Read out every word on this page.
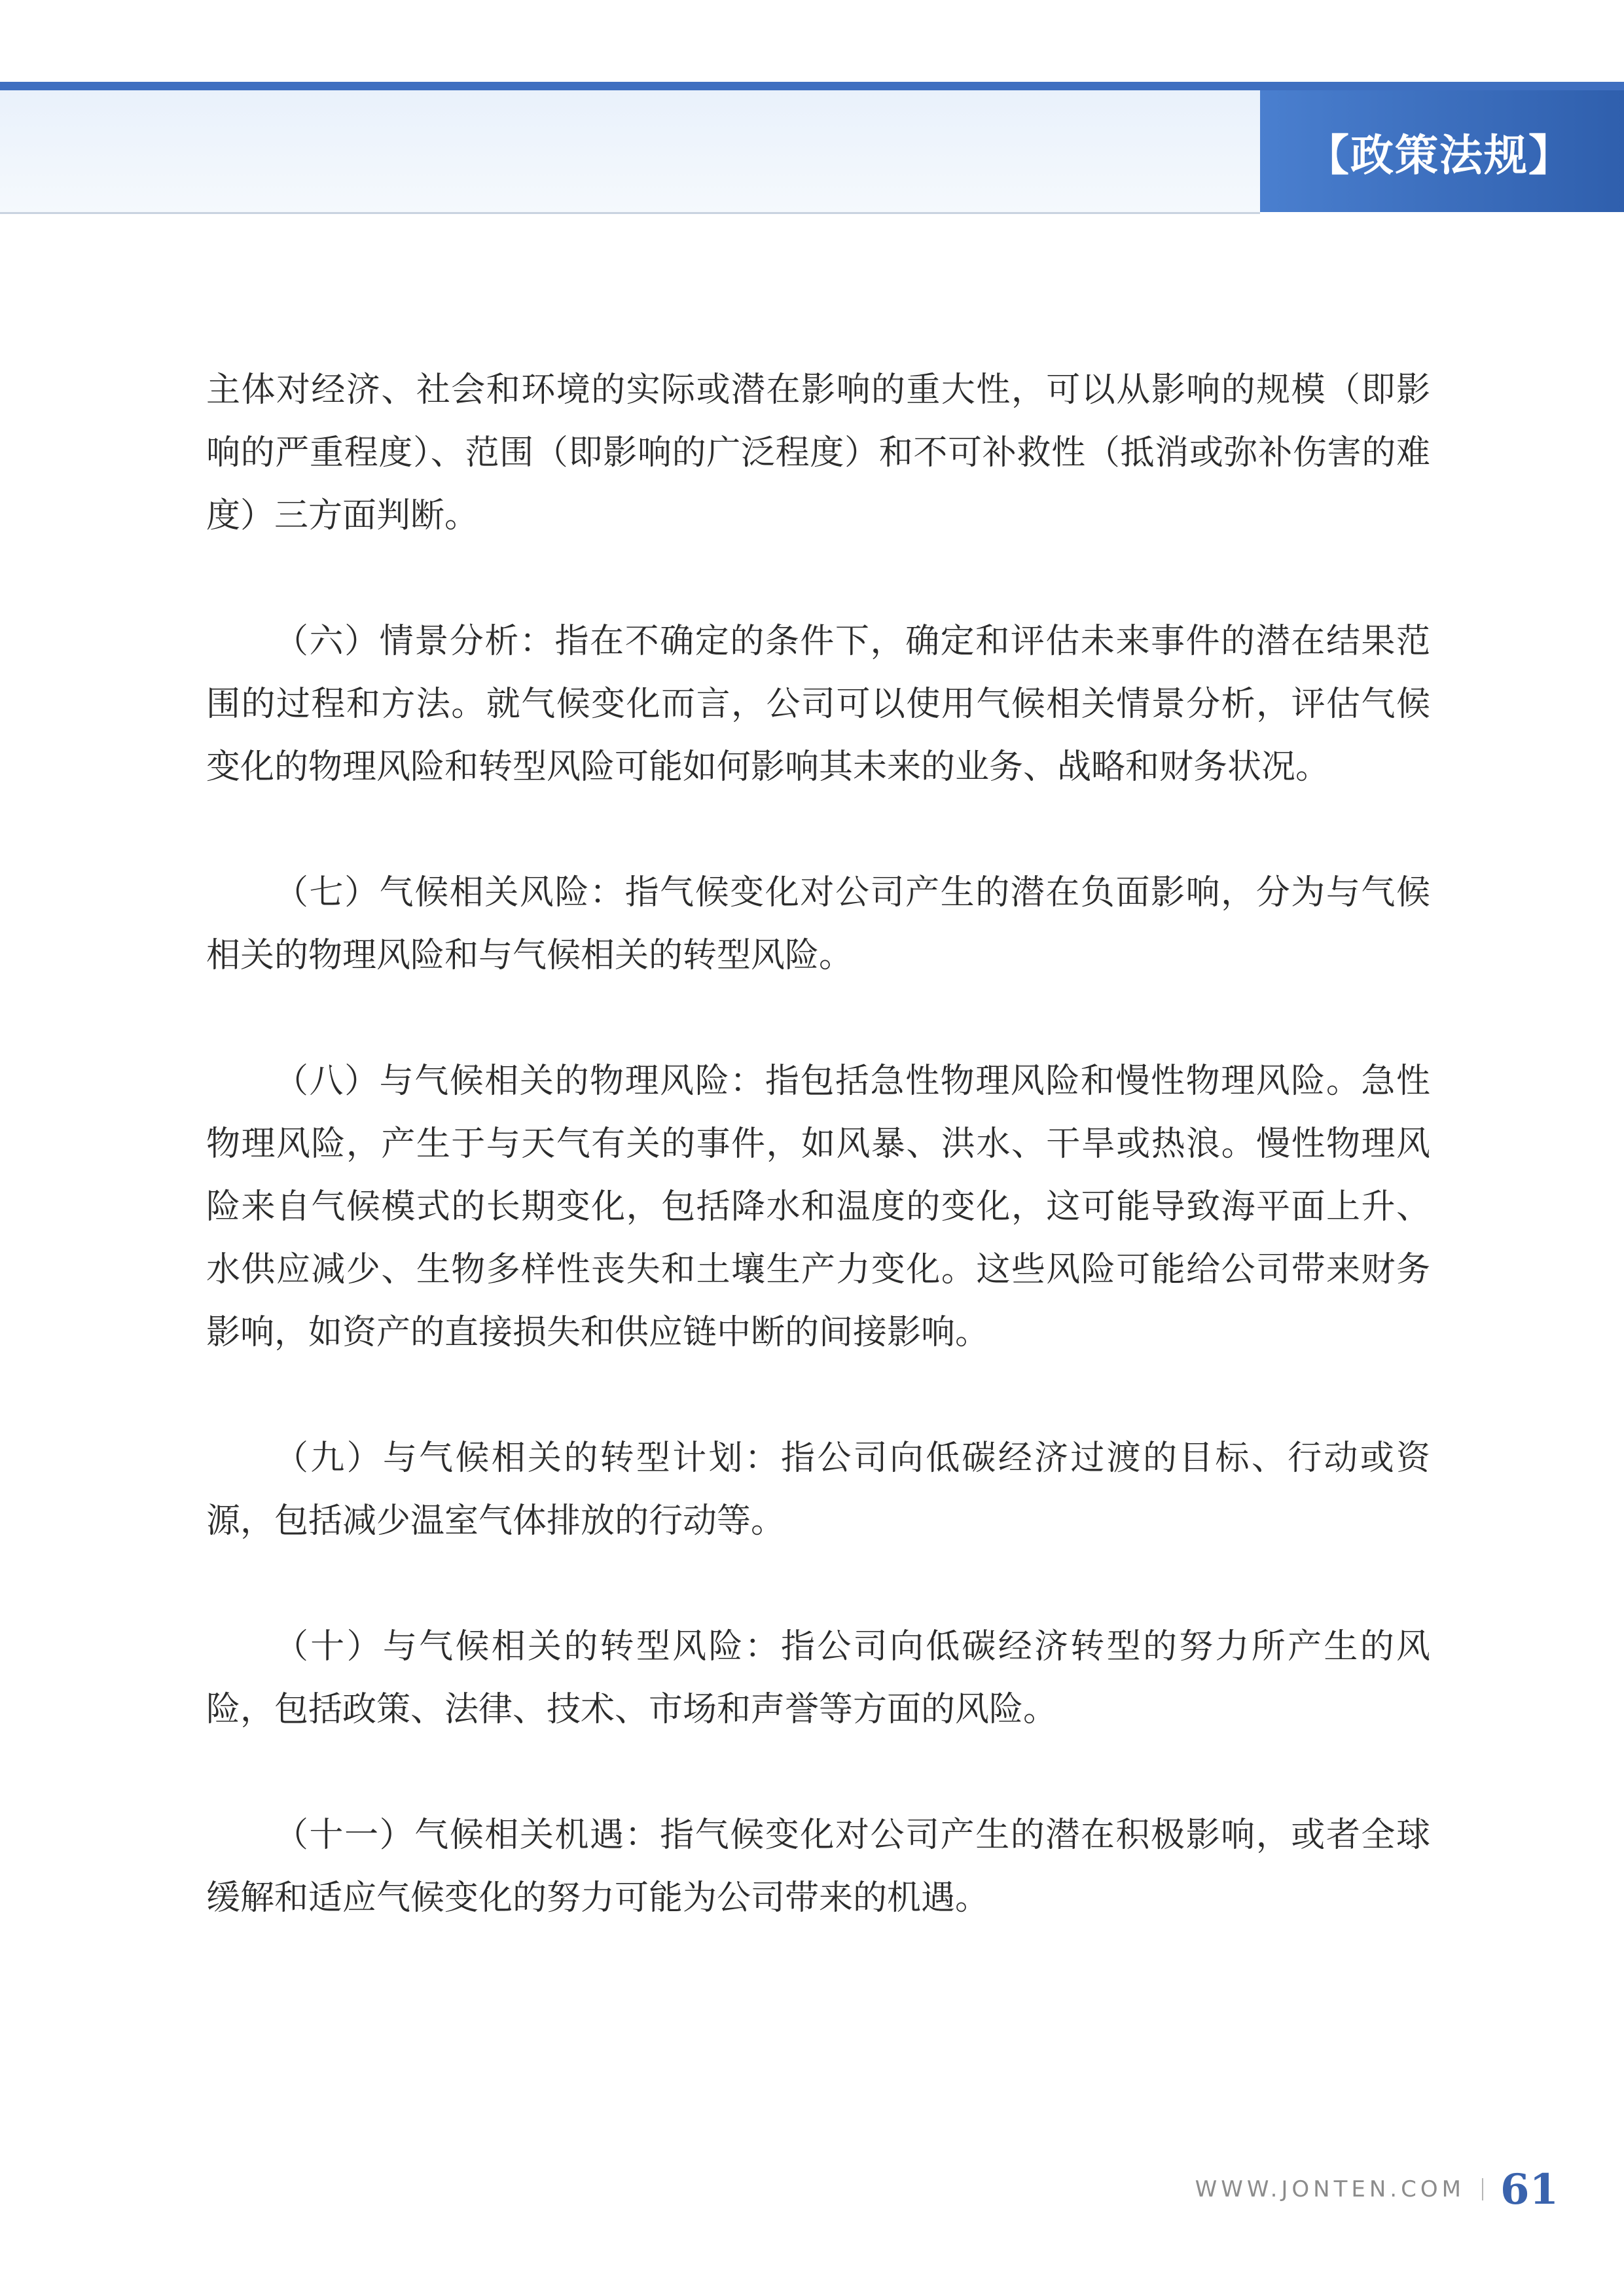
【政策法规】

主体对经济、社会和环境的实际或潜在影响的重大性，可以从影响的规模（即影响的严重程度）、范围（即影响的广泛程度）和不可补救性（抵消或弥补伤害的难度）三方面判断。

（六）情景分析：指在不确定的条件下，确定和评估未来事件的潜在结果范围的过程和方法。就气候变化而言，公司可以使用气候相关情景分析，评估气候变化的物理风险和转型风险可能如何影响其未来的业务、战略和财务状况。

（七）气候相关风险：指气候变化对公司产生的潜在负面影响，分为与气候相关的物理风险和与气候相关的转型风险。

（八）与气候相关的物理风险：指包括急性物理风险和慢性物理风险。急性物理风险，产生于与天气有关的事件，如风暴、洪水、干旱或热浪。慢性物理风险来自气候模式的长期变化，包括降水和温度的变化，这可能导致海平面上升、水供应减少、生物多样性丧失和土壤生产力变化。这些风险可能给公司带来财务影响，如资产的直接损失和供应链中断的间接影响。

（九）与气候相关的转型计划：指公司向低碳经济过渡的目标、行动或资源，包括减少温室气体排放的行动等。

（十）与气候相关的转型风险：指公司向低碳经济转型的努力所产生的风险，包括政策、法律、技术、市场和声誉等方面的风险。

（十一）气候相关机遇：指气候变化对公司产生的潜在积极影响，或者全球缓解和适应气候变化的努力可能为公司带来的机遇。

WWW.JONTEN.COM 61
